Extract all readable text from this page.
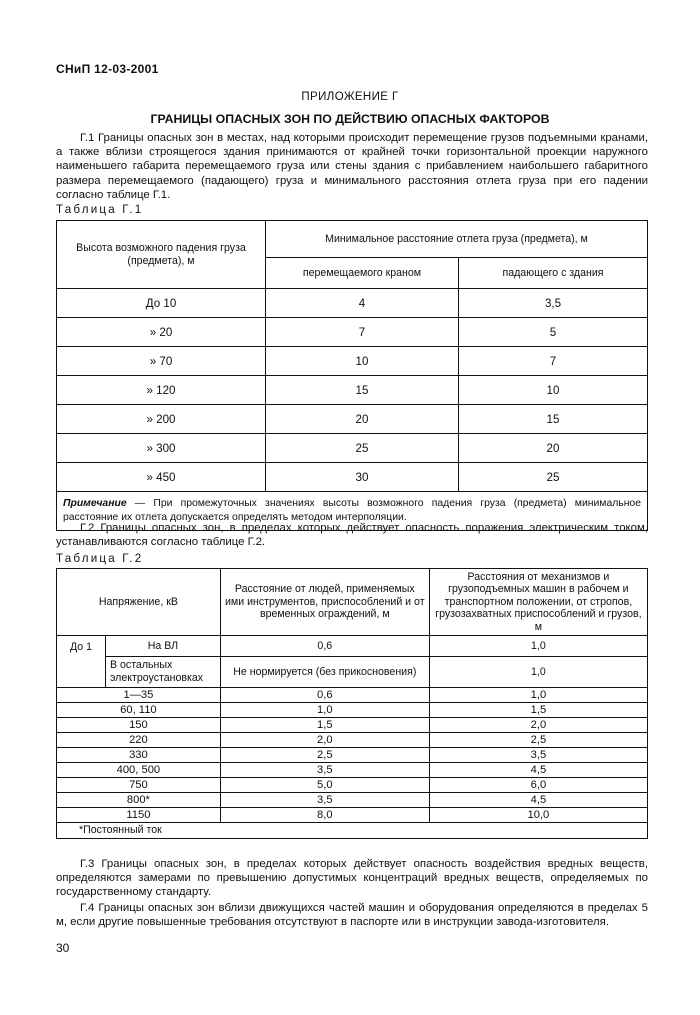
СНиП 12-03-2001
ПРИЛОЖЕНИЕ Г
ГРАНИЦЫ ОПАСНЫХ ЗОН ПО ДЕЙСТВИЮ ОПАСНЫХ ФАКТОРОВ
Г.1 Границы опасных зон в местах, над которыми происходит перемещение грузов подъемными кранами, а также вблизи строящегося здания принимаются от крайней точки горизонтальной проекции наружного наименьшего габарита перемещаемого груза или стены здания с прибавлением наибольшего габаритного размера перемещаемого (падающего) груза и минимального расстояния отлета груза при его падении согласно таблице Г.1.
Таблица Г.1
Высота возможного падения груза (предмета), м	Минимальное расстояние отлета груза (предмета), м	
	перемещаемого краном	падающего с здания
До 10	4	3,5
» 20	7	5
» 70	10	7
» 120	15	10
» 200	20	15
» 300	25	20
» 450	30	25
Примечание — При промежуточных значениях высоты возможного падения груза (предмета) минимальное расстояние их отлета допускается определять методом интерполяции.		
Г.2 Границы опасных зон, в пределах которых действует опасность поражения электрическим током, устанавливаются согласно таблице Г.2.
Таблица Г.2
Напряжение, кВ		Расстояние от людей, применяемых ими инструментов, приспособлений и от временных ограждений, м	Расстояния от механизмов и грузоподъемных машин в рабочем и транспортном положении, от стропов, грузозахватных приспособлений и грузов, м
До 1	На ВЛ	0,6	1,0
	В остальных электроустановках	Не нормируется (без прикосновения)	1,0
1—35		0,6	1,0
60, 110		1,0	1,5
150		1,5	2,0
220		2,0	2,5
330		2,5	3,5
400, 500		3,5	4,5
750		5,0	6,0
800*		3,5	4,5
1150		8,0	10,0
*Постоянный ток			
Г.3 Границы опасных зон, в пределах которых действует опасность воздействия вредных веществ, определяются замерами по превышению допустимых концентраций вредных веществ, определяемых по государственному стандарту.
Г.4 Границы опасных зон вблизи движущихся частей машин и оборудования определяются в пределах 5 м, если другие повышенные требования отсутствуют в паспорте или в инструкции завода-изготовителя.
30
